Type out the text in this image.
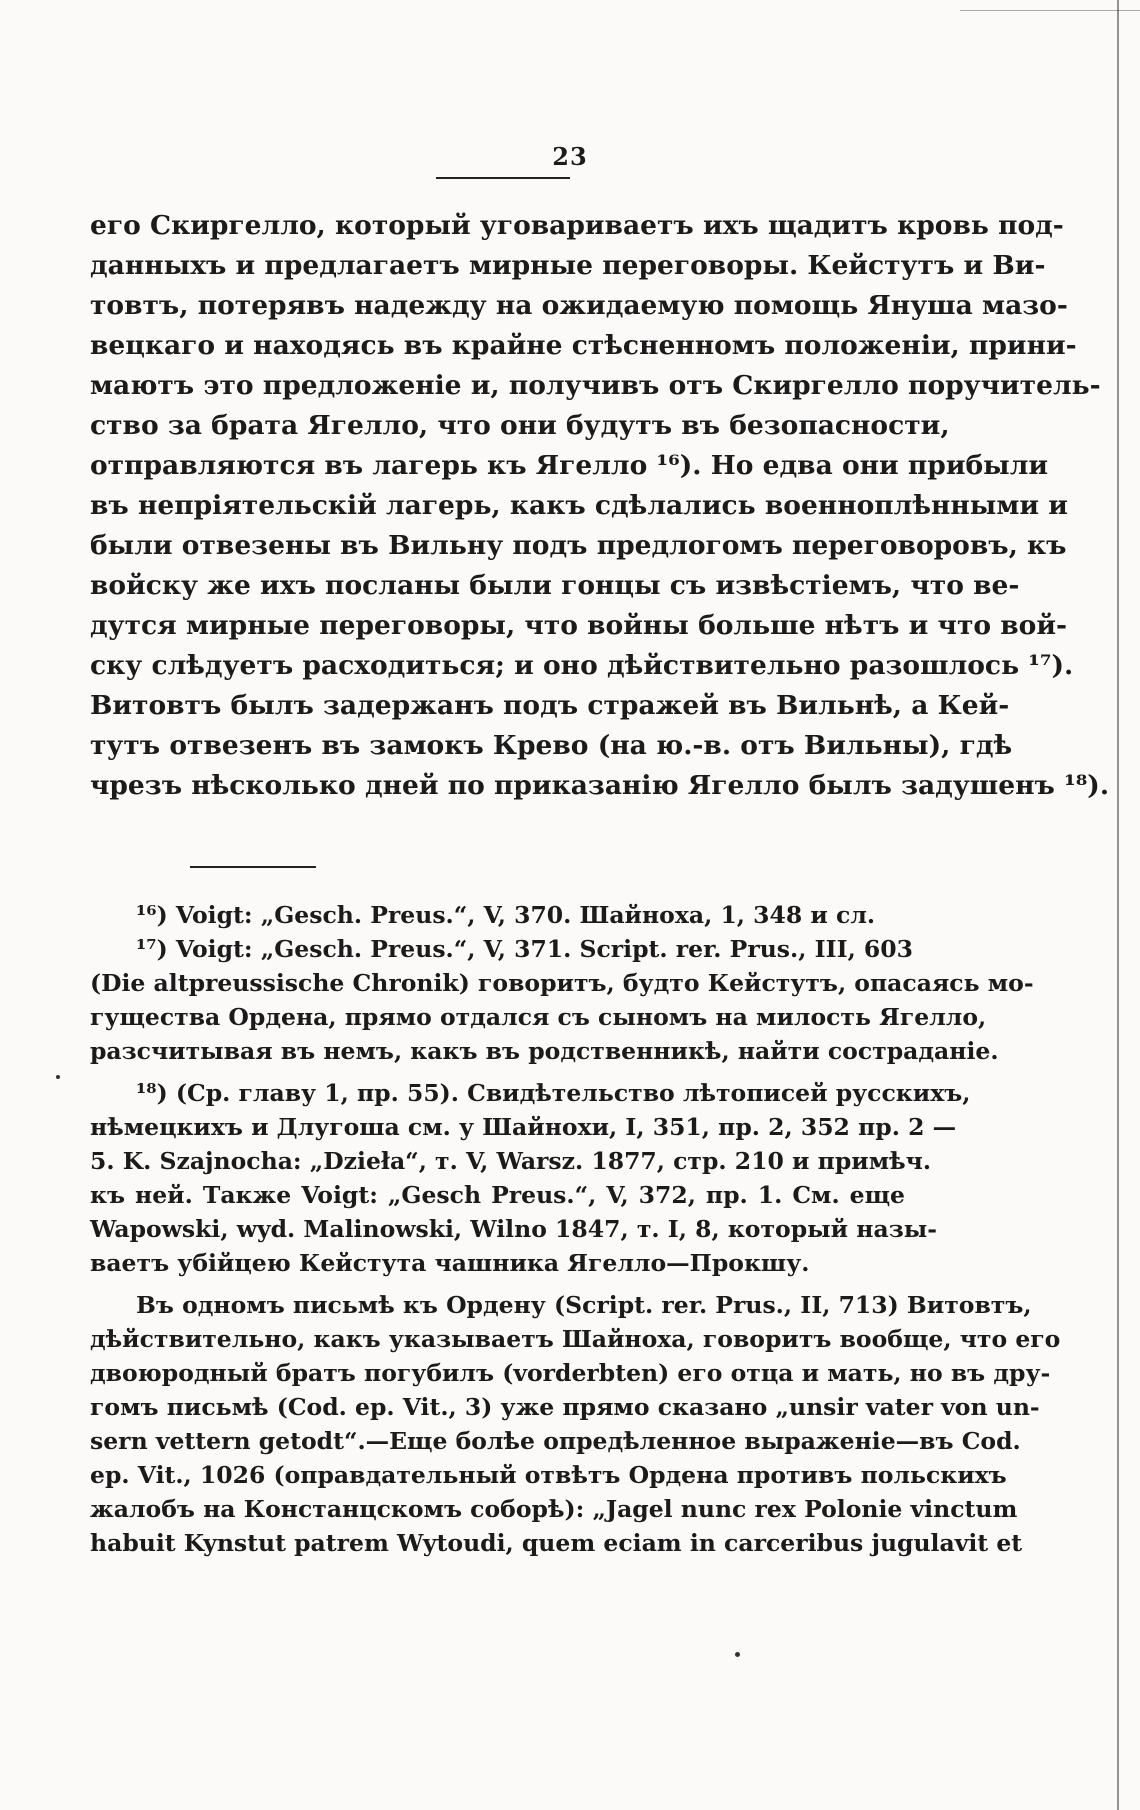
23
его Скиргелло, который уговариваетъ ихъ щадитъ кровь под-
данныхъ и предлагаетъ мирные переговоры. Кейстутъ и Ви-
товтъ, потерявъ надежду на ожидаемую помощь Януша мазо-
вецкаго и находясь въ крайне стѣсненномъ положеніи, прини-
маютъ это предложеніе и, получивъ отъ Скиргелло поручитель-
ство за брата Ягелло, что они будутъ въ безопасности,
отправляются въ лагерь къ Ягелло ¹⁶). Но едва они прибыли
въ непріятельскій лагерь, какъ сдѣлались военноплѣнными и
были отвезены въ Вильну подъ предлогомъ переговоровъ, къ
войску же ихъ посланы были гонцы съ извѣстіемъ, что ве-
дутся мирные переговоры, что войны больше нѣтъ и что вой-
ску слѣдуетъ расходиться; и оно дѣйствительно разошлось ¹⁷).
Витовтъ былъ задержанъ подъ стражей въ Вильнѣ, а Кей-
тутъ отвезенъ въ замокъ Крево (на ю.-в. отъ Вильны), гдѣ
чрезъ нѣсколько дней по приказанію Ягелло былъ задушенъ ¹⁸).
¹⁶) Voigt: „Gesch. Preus.“, V, 370. Шайноха, 1, 348 и сл.
¹⁷) Voigt: „Gesch. Preus.“, V, 371. Script. rer. Prus., III, 603
(Die altpreussische Chronik) говоритъ, будто Кейстутъ, опасаясь мо-
гущества Ордена, прямо отдался съ сыномъ на милость Ягелло,
разсчитывая въ немъ, какъ въ родственникѣ, найти состраданіе.
¹⁸) (Ср. главу 1, пр. 55). Свидѣтельство лѣтописей русскихъ,
нѣмецкихъ и Длугоша см. у Шайнохи, I, 351, пр. 2, 352 пр. 2 —
5. K. Szajnocha: „Dzieła“, т. V, Warsz. 1877, стр. 210 и примѣч.
къ ней. Также Voigt: „Gesch Preus.“, V, 372, пр. 1. См. еще
Wapowski, wyd. Malinowski, Wilno 1847, т. I, 8, который назы-
ваетъ убійцею Кейстута чашника Ягелло—Прокшу.
Въ одномъ письмѣ къ Ордену (Script. rer. Prus., II, 713) Витовтъ,
дѣйствительно, какъ указываетъ Шайноха, говоритъ вообще, что его
двоюродный братъ погубилъ (vorderbten) его отца и мать, но въ дру-
гомъ письмѣ (Cod. ep. Vit., 3) уже прямо сказано „unsir vater von un-
sern vettern getodt“.—Еще болѣе опредѣленное выраженіе—въ Cod.
ep. Vit., 1026 (оправдательный отвѣтъ Ордена противъ польскихъ
жалобъ на Констанцскомъ соборѣ): „Jagel nunc rex Polonie vinctum
habuit Kynstut patrem Wytoudi, quem eciam in carceribus jugulavit et
